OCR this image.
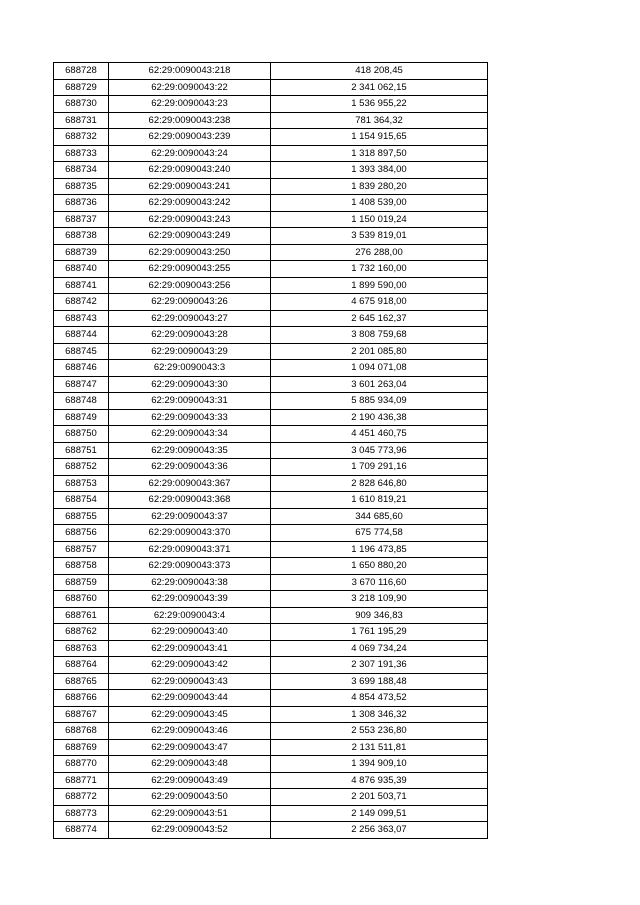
688728	62:29:0090043:218	418 208,45
688729	62:29:0090043:22	2 341 062,15
688730	62:29:0090043:23	1 536 955,22
688731	62:29:0090043:238	781 364,32
688732	62:29:0090043:239	1 154 915,65
688733	62:29:0090043:24	1 318 897,50
688734	62:29:0090043:240	1 393 384,00
688735	62:29:0090043:241	1 839 280,20
688736	62:29:0090043:242	1 408 539,00
688737	62:29:0090043:243	1 150 019,24
688738	62:29:0090043:249	3 539 819,01
688739	62:29:0090043:250	276 288,00
688740	62:29:0090043:255	1 732 160,00
688741	62:29:0090043:256	1 899 590,00
688742	62:29:0090043:26	4 675 918,00
688743	62:29:0090043:27	2 645 162,37
688744	62:29:0090043:28	3 808 759,68
688745	62:29:0090043:29	2 201 085,80
688746	62:29:0090043:3	1 094 071,08
688747	62:29:0090043:30	3 601 263,04
688748	62:29:0090043:31	5 885 934,09
688749	62:29:0090043:33	2 190 436,38
688750	62:29:0090043:34	4 451 460,75
688751	62:29:0090043:35	3 045 773,96
688752	62:29:0090043:36	1 709 291,16
688753	62:29:0090043:367	2 828 646,80
688754	62:29:0090043:368	1 610 819,21
688755	62:29:0090043:37	344 685,60
688756	62:29:0090043:370	675 774,58
688757	62:29:0090043:371	1 196 473,85
688758	62:29:0090043:373	1 650 880,20
688759	62:29:0090043:38	3 670 116,60
688760	62:29:0090043:39	3 218 109,90
688761	62:29:0090043:4	909 346,83
688762	62:29:0090043:40	1 761 195,29
688763	62:29:0090043:41	4 069 734,24
688764	62:29:0090043:42	2 307 191,36
688765	62:29:0090043:43	3 699 188,48
688766	62:29:0090043:44	4 854 473,52
688767	62:29:0090043:45	1 308 346,32
688768	62:29:0090043:46	2 553 236,80
688769	62:29:0090043:47	2 131 511,81
688770	62:29:0090043:48	1 394 909,10
688771	62:29:0090043:49	4 876 935,39
688772	62:29:0090043:50	2 201 503,71
688773	62:29:0090043:51	2 149 099,51
688774	62:29:0090043:52	2 256 363,07
